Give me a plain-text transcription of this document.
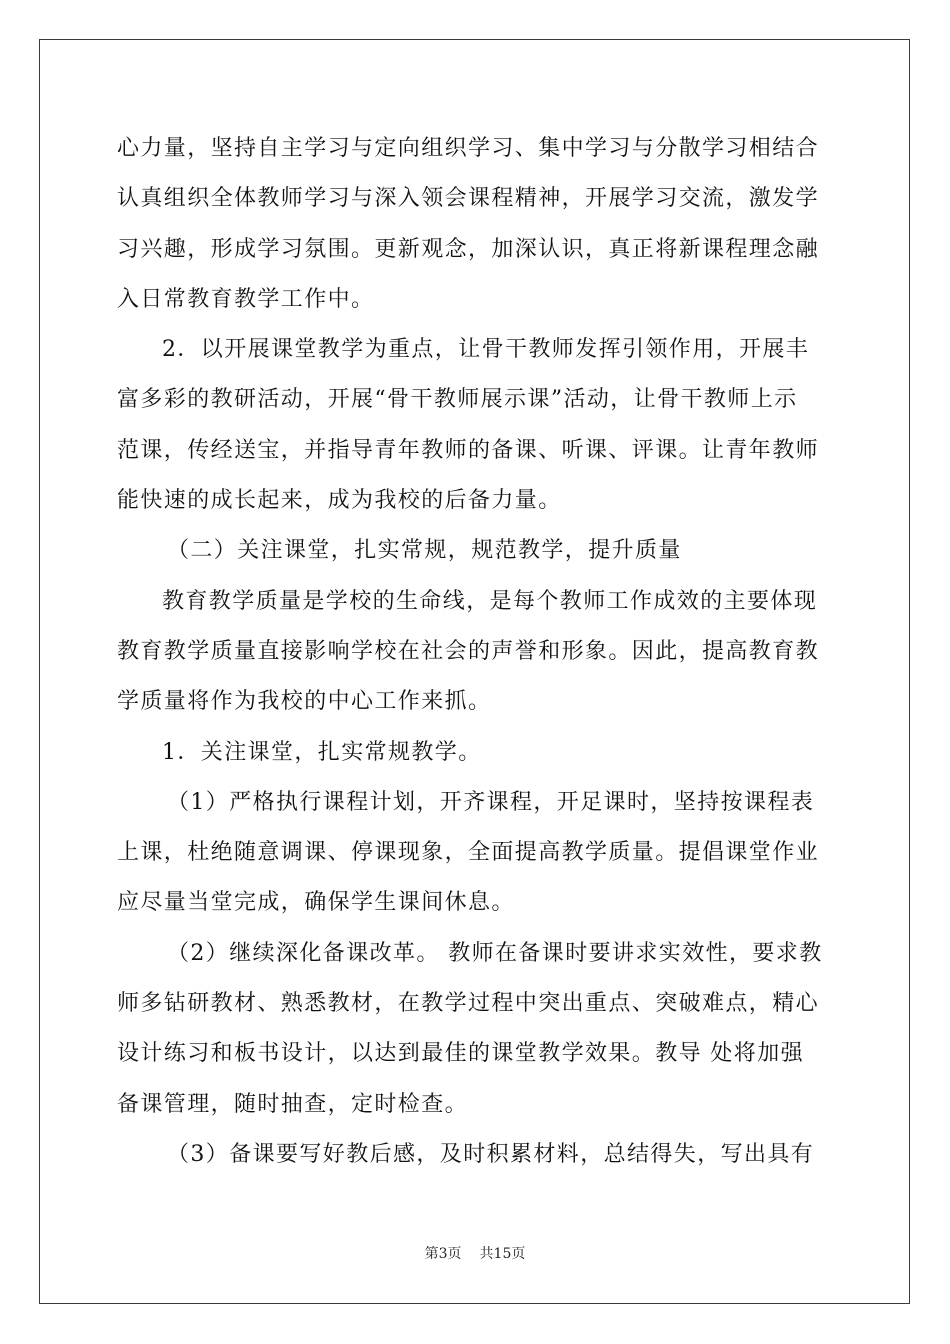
心力量，坚持自主学习与定向组织学习、集中学习与分散学习相结合
认真组织全体教师学习与深入领会课程精神，开展学习交流，激发学
习兴趣，形成学习氛围。更新观念，加深认识，真正将新课程理念融
入日常教育教学工作中。
2．以开展课堂教学为重点，让骨干教师发挥引领作用，开展丰
富多彩的教研活动，开展“骨干教师展示课”活动，让骨干教师上示
范课，传经送宝，并指导青年教师的备课、听课、评课。让青年教师
能快速的成长起来，成为我校的后备力量。
（二）关注课堂，扎实常规，规范教学，提升质量
教育教学质量是学校的生命线，是每个教师工作成效的主要体现
教育教学质量直接影响学校在社会的声誉和形象。因此，提高教育教
学质量将作为我校的中心工作来抓。
1．关注课堂，扎实常规教学。
（1）严格执行课程计划，开齐课程，开足课时，坚持按课程表
上课，杜绝随意调课、停课现象，全面提高教学质量。提倡课堂作业
应尽量当堂完成，确保学生课间休息。
（2）继续深化备课改革。 教师在备课时要讲求实效性，要求教
师多钻研教材、熟悉教材，在教学过程中突出重点、突破难点，精心
设计练习和板书设计，以达到最佳的课堂教学效果。教导 处将加强
备课管理，随时抽查，定时检查。
（3）备课要写好教后感，及时积累材料，总结得失，写出具有
第3页 共15页
